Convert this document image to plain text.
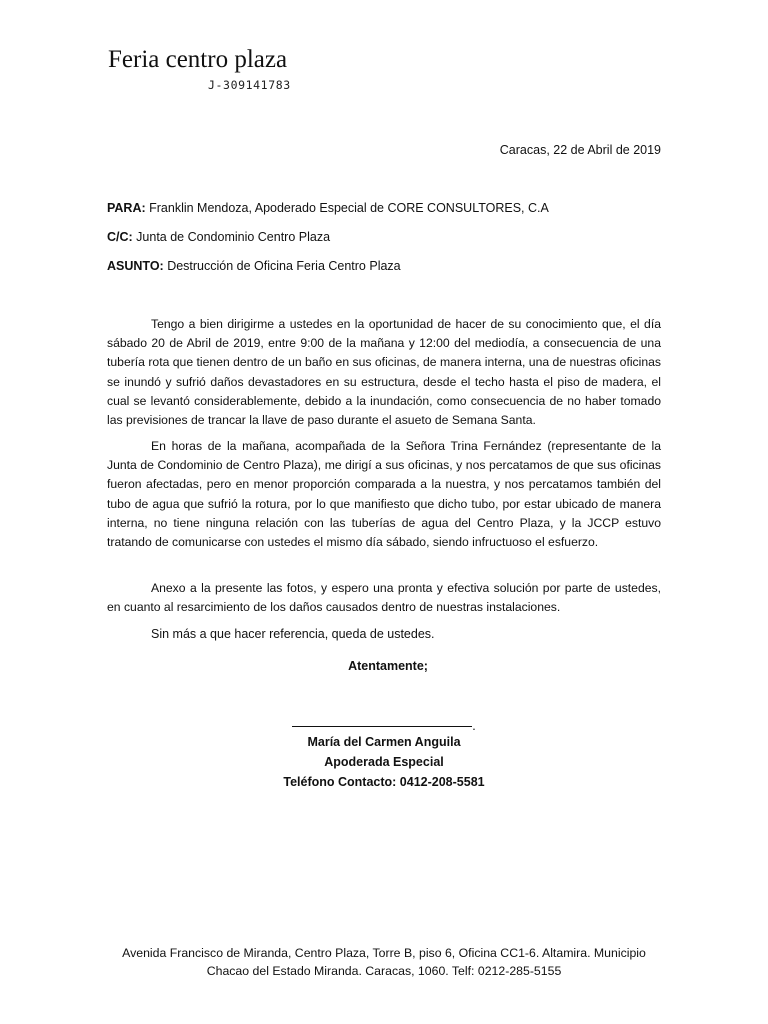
Feria centro plaza
J-309141783
Caracas, 22 de Abril de 2019
PARA: Franklin Mendoza, Apoderado Especial de CORE CONSULTORES, C.A
C/C: Junta de Condominio Centro Plaza
ASUNTO: Destrucción de Oficina Feria Centro Plaza

Tengo a bien dirigirme a ustedes en la oportunidad de hacer de su conocimiento que, el día sábado 20 de Abril de 2019, entre 9:00 de la mañana y 12:00 del mediodía, a consecuencia de una tubería rota que tienen dentro de un baño en sus oficinas, de manera interna, una de nuestras oficinas se inundó y sufrió daños devastadores en su estructura, desde el techo hasta el piso de madera, el cual se levantó considerablemente, debido a la inundación, como consecuencia de no haber tomado las previsiones de trancar la llave de paso durante el asueto de Semana Santa.

En horas de la mañana, acompañada de la Señora Trina Fernández (representante de la Junta de Condominio de Centro Plaza), me dirigí a sus oficinas, y nos percatamos de que sus oficinas fueron afectadas, pero en menor proporción comparada a la nuestra, y nos percatamos también del tubo de agua que sufrió la rotura, por lo que manifiesto que dicho tubo, por estar ubicado de manera interna, no tiene ninguna relación con las tuberías de agua del Centro Plaza, y la JCCP estuvo tratando de comunicarse con ustedes el mismo día sábado, siendo infructuoso el esfuerzo.

Anexo a la presente las fotos, y espero una pronta y efectiva solución por parte de ustedes, en cuanto al resarcimiento de los daños causados dentro de nuestras instalaciones.

Sin más a que hacer referencia, queda de ustedes.
Atentamente;
.
María del Carmen Anguila
Apoderada Especial
Teléfono Contacto: 0412-208-5581
Avenida Francisco de Miranda, Centro Plaza, Torre B, piso 6, Oficina CC1-6. Altamira. Municipio
Chacao del Estado Miranda. Caracas, 1060. Telf: 0212-285-5155
